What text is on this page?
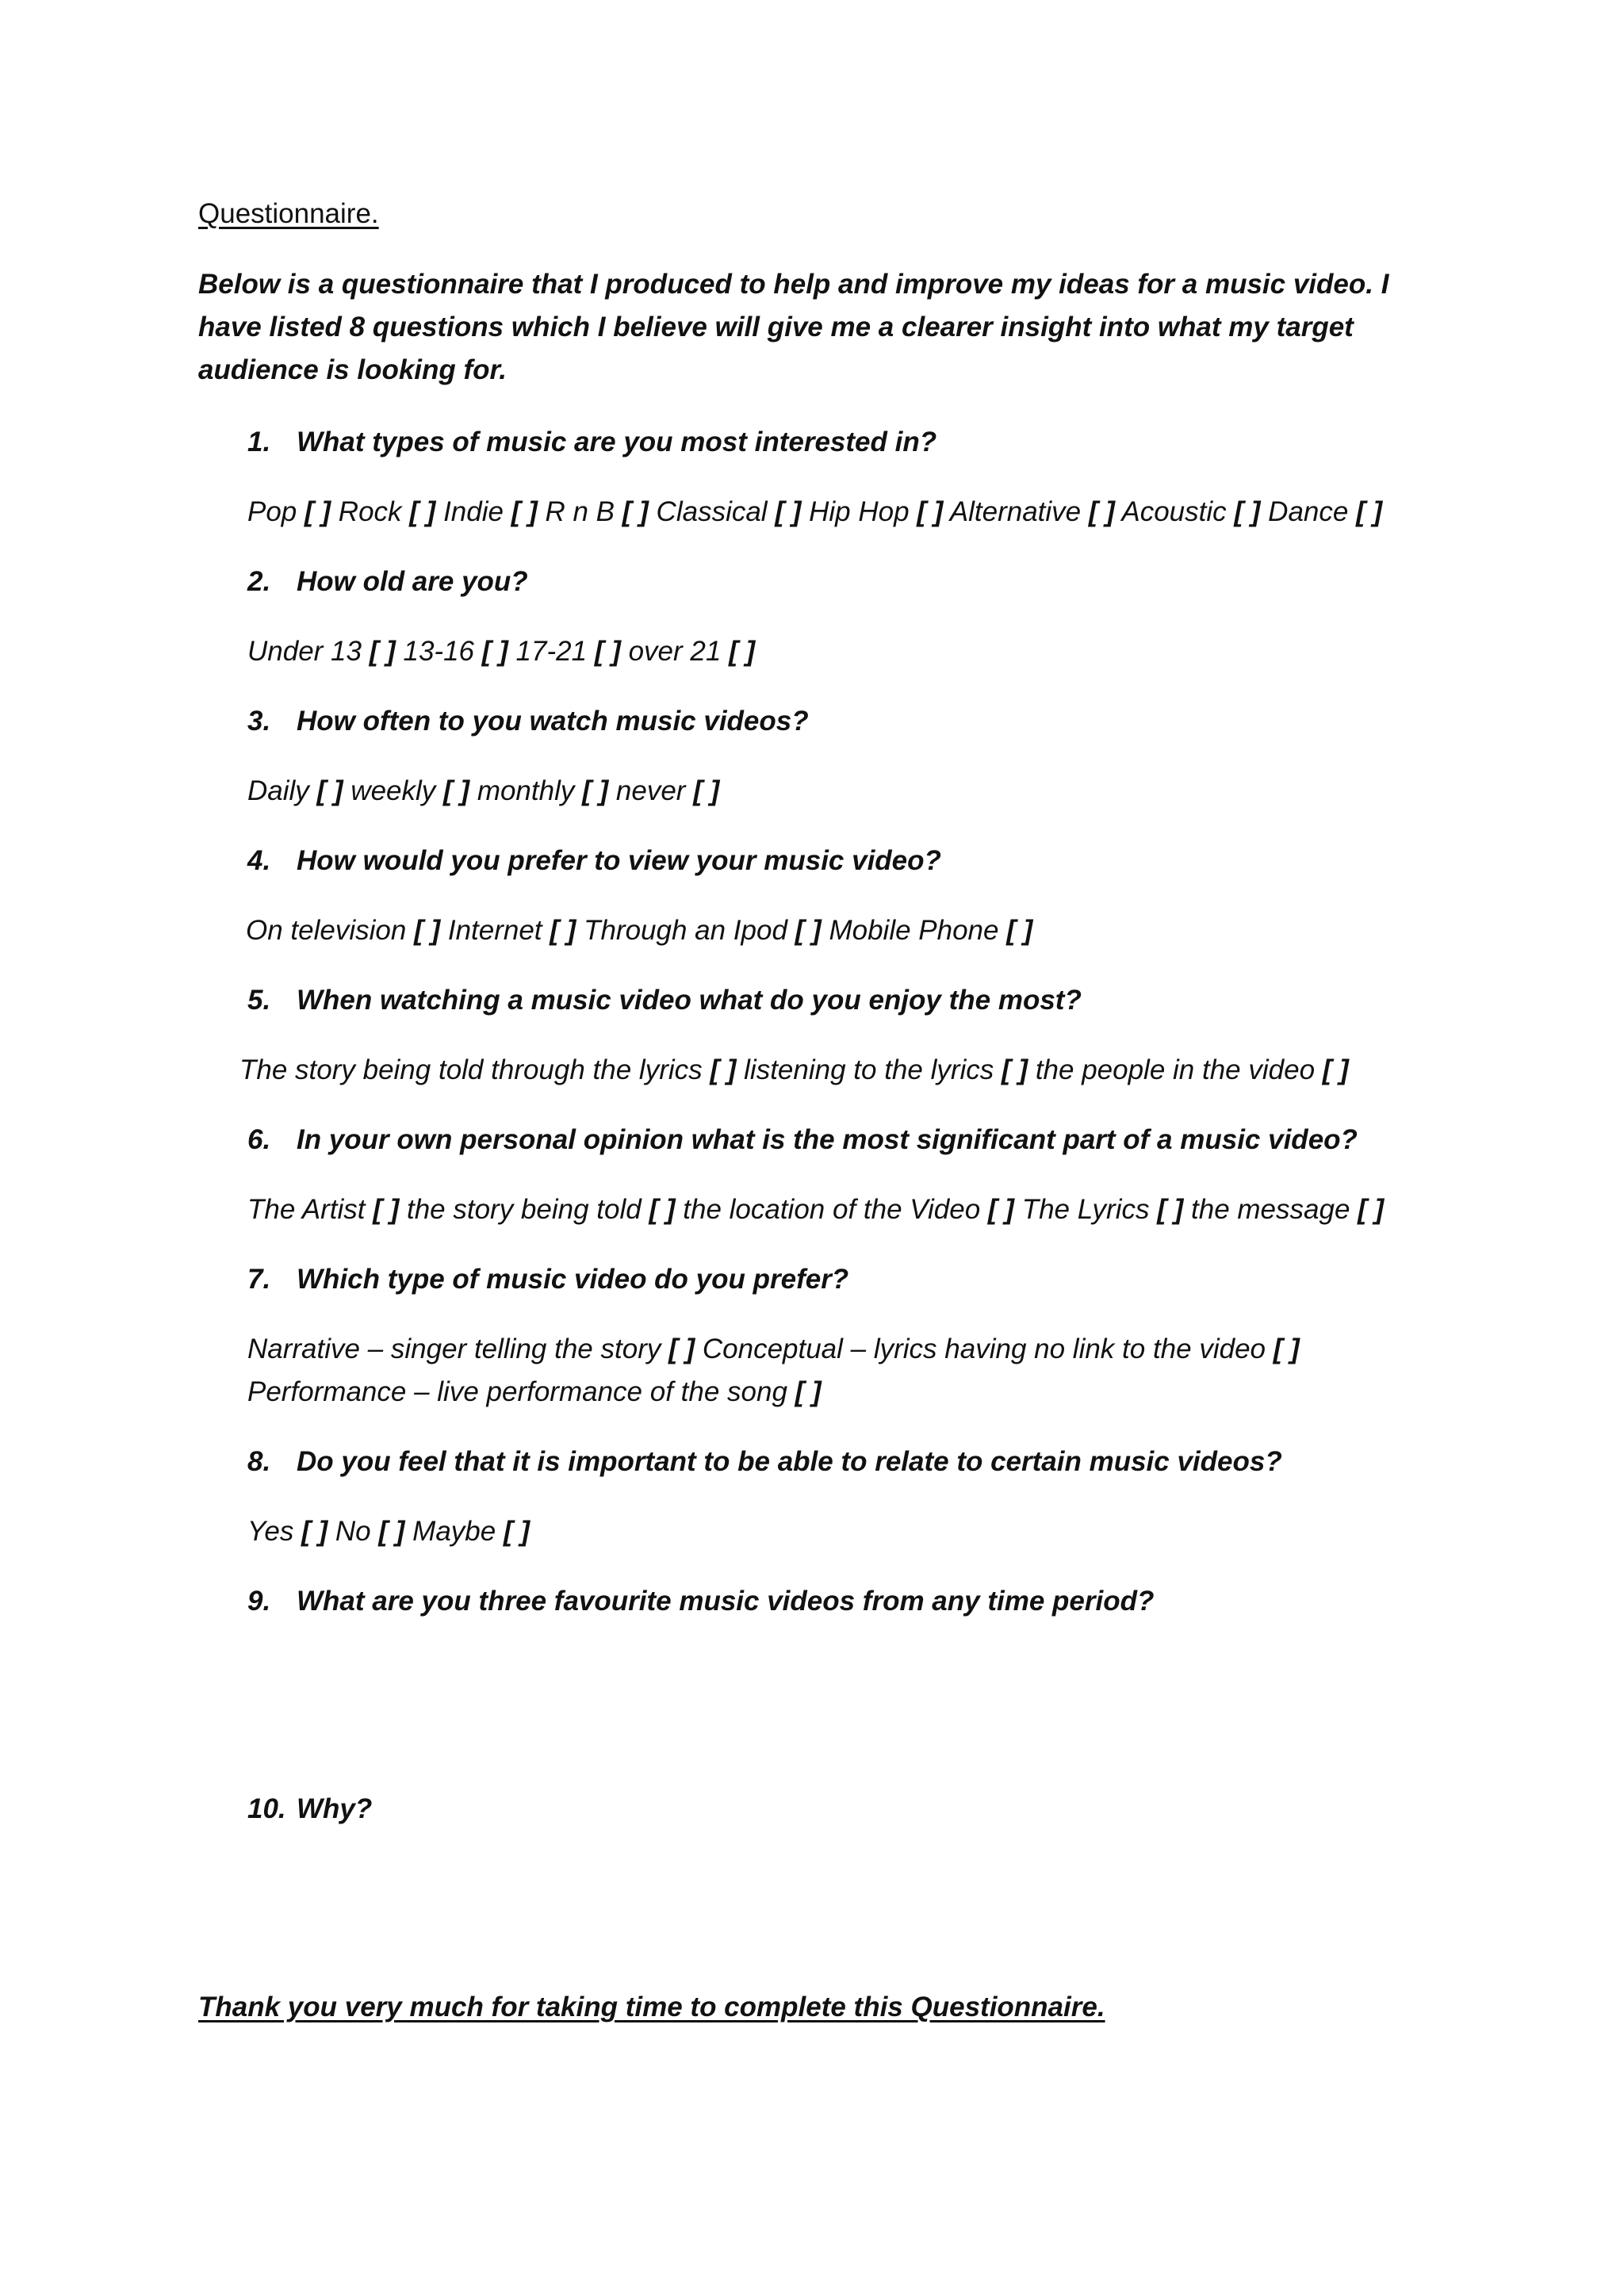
Questionnaire.
Below is a questionnaire that I produced to help and improve my ideas for a music video. I have listed 8 questions which I believe will give me a clearer insight into what my target audience is looking for.
1. What types of music are you most interested in?
Pop [ ] Rock [ ] Indie [ ] R n B [ ] Classical [ ] Hip Hop [ ] Alternative [ ] Acoustic [ ] Dance [ ]
2. How old are you?
Under 13 [ ] 13-16 [ ] 17-21 [ ] over 21 [ ]
3. How often to you watch music videos?
Daily [ ] weekly [ ] monthly [ ] never [ ]
4. How would you prefer to view your music video?
On television [ ] Internet [ ] Through an Ipod [ ] Mobile Phone [ ]
5. When watching a music video what do you enjoy the most?
The story being told through the lyrics [ ] listening to the lyrics [ ] the people in the video [ ]
6. In your own personal opinion what is the most significant part of a music video?
The Artist [ ] the story being told [ ] the location of the Video [ ] The Lyrics [ ] the message [ ]
7. Which type of music video do you prefer?
Narrative – singer telling the story [ ] Conceptual – lyrics having no link to the video [ ]
Performance – live performance of the song [ ]
8. Do you feel that it is important to be able to relate to certain music videos?
Yes [ ] No [ ] Maybe [ ]
9. What are you three favourite music videos from any time period?
10. Why?
Thank you very much for taking time to complete this Questionnaire.
